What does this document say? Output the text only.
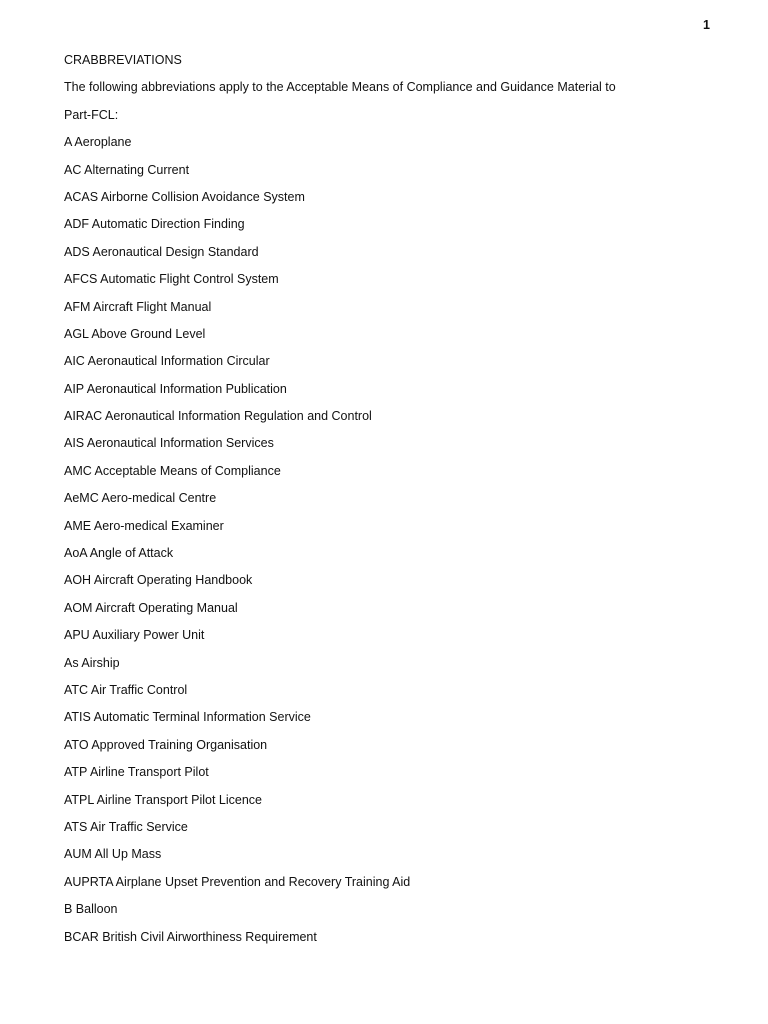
1
CRABBREVIATIONS
The following abbreviations apply to the Acceptable Means of Compliance and Guidance Material to
Part-FCL:
A Aeroplane
AC Alternating Current
ACAS Airborne Collision Avoidance System
ADF Automatic Direction Finding
ADS Aeronautical Design Standard
AFCS Automatic Flight Control System
AFM Aircraft Flight Manual
AGL Above Ground Level
AIC Aeronautical Information Circular
AIP Aeronautical Information Publication
AIRAC Aeronautical Information Regulation and Control
AIS Aeronautical Information Services
AMC Acceptable Means of Compliance
AeMC Aero-medical Centre
AME Aero-medical Examiner
AoA Angle of Attack
AOH Aircraft Operating Handbook
AOM Aircraft Operating Manual
APU Auxiliary Power Unit
As Airship
ATC Air Traffic Control
ATIS Automatic Terminal Information Service
ATO Approved Training Organisation
ATP Airline Transport Pilot
ATPL Airline Transport Pilot Licence
ATS Air Traffic Service
AUM All Up Mass
AUPRTA Airplane Upset Prevention and Recovery Training Aid
B Balloon
BCAR British Civil Airworthiness Requirement
